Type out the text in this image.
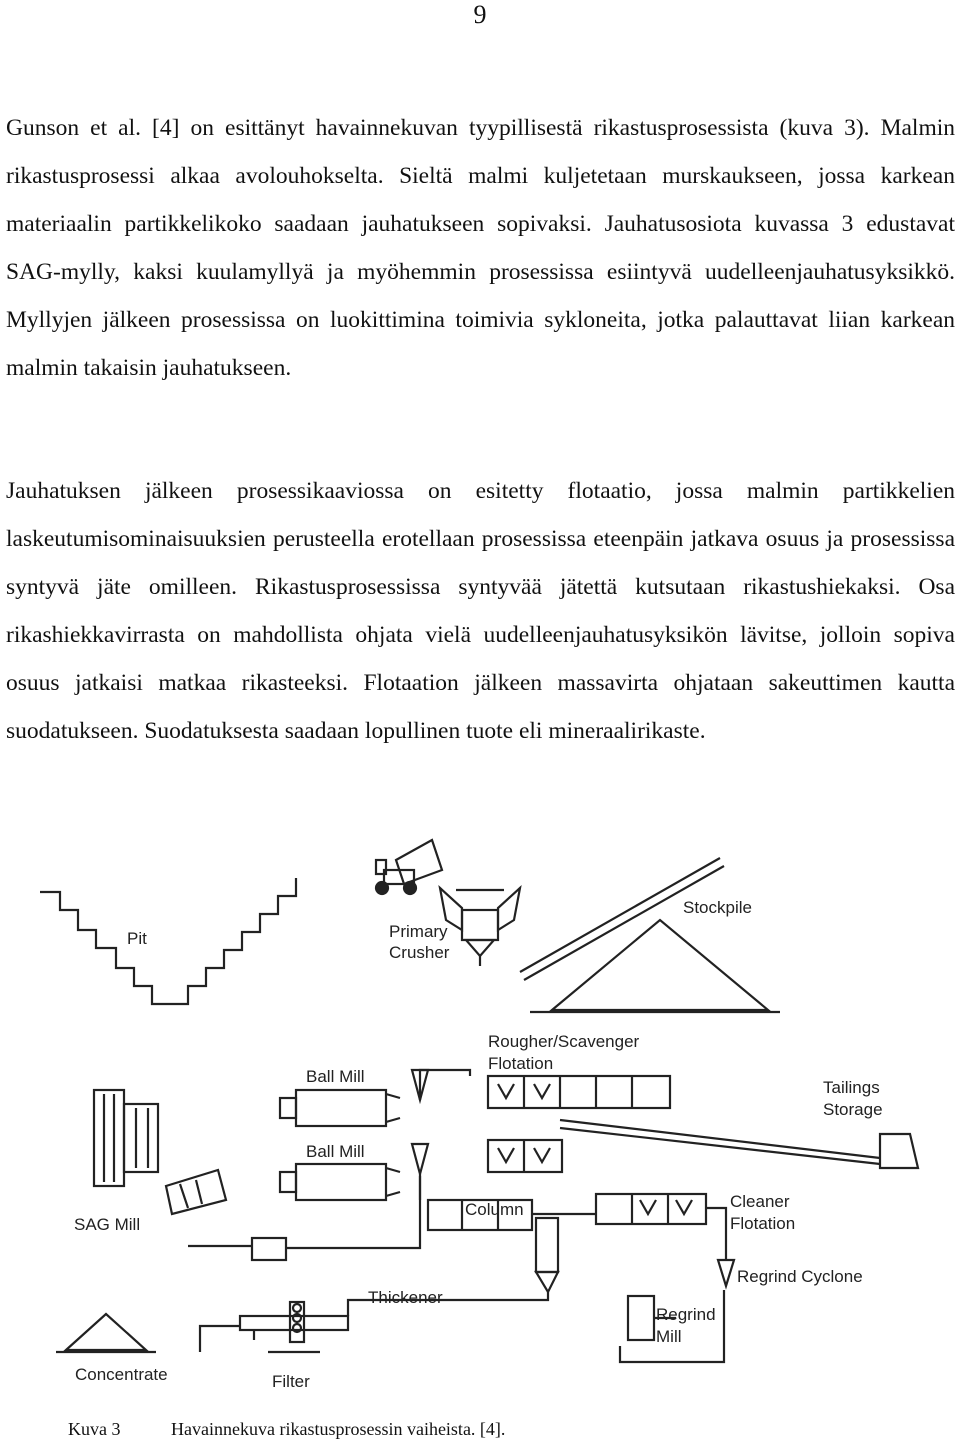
9

Gunson et al. [4] on esittänyt havainnekuvan tyypillisestä rikastusprosessista (kuva 3). Malmin rikastusprosessi alkaa avolouhokselta. Sieltä malmi kuljetetaan murskaukseen, jossa karkean materiaalin partikkelikoko saadaan jauhatukseen sopivaksi. Jauhatusosiota kuvassa 3 edustavat SAG-mylly, kaksi kuulamyllyä ja myöhemmin prosessissa esiintyvä uudelleenjauhatusyksikkö. Myllyjen jälkeen prosessissa on luokittimina toimivia sykloneita, jotka palauttavat liian karkean malmin takaisin jauhatukseen.

Jauhatuksen jälkeen prosessikaaviossa on esitetty flotaatio, jossa malmin partikkelien laskeutumisominaisuuksien perusteella erotellaan prosessissa eteenpäin jatkava osuus ja prosessissa syntyvä jäte omilleen. Rikastusprosessissa syntyvää jätettä kutsutaan rikastushiekaksi. Osa rikashiekkavirrasta on mahdollista ohjata vielä uudelleenjauhatusyksikön lävitse, jolloin sopiva osuus jatkaisi matkaa rikasteeksi. Flotaation jälkeen massavirta ohjataan sakeuttimen kautta suodatukseen. Suodatuksesta saadaan lopullinen tuote eli mineraalirikaste.

Pit	Primary
Crusher
Stockpile
Rougher/Scavenger
Flotation
Ball Mill
Ball Mill
Tailings
Storage
SAG Mill
Column	Cleaner
Flotation
Regrind Cyclone
Thickener
Regrind
Mill
Concentrate	Filter
Kuva 3	Havainnekuva rikastusprosessin vaiheista. [4].
